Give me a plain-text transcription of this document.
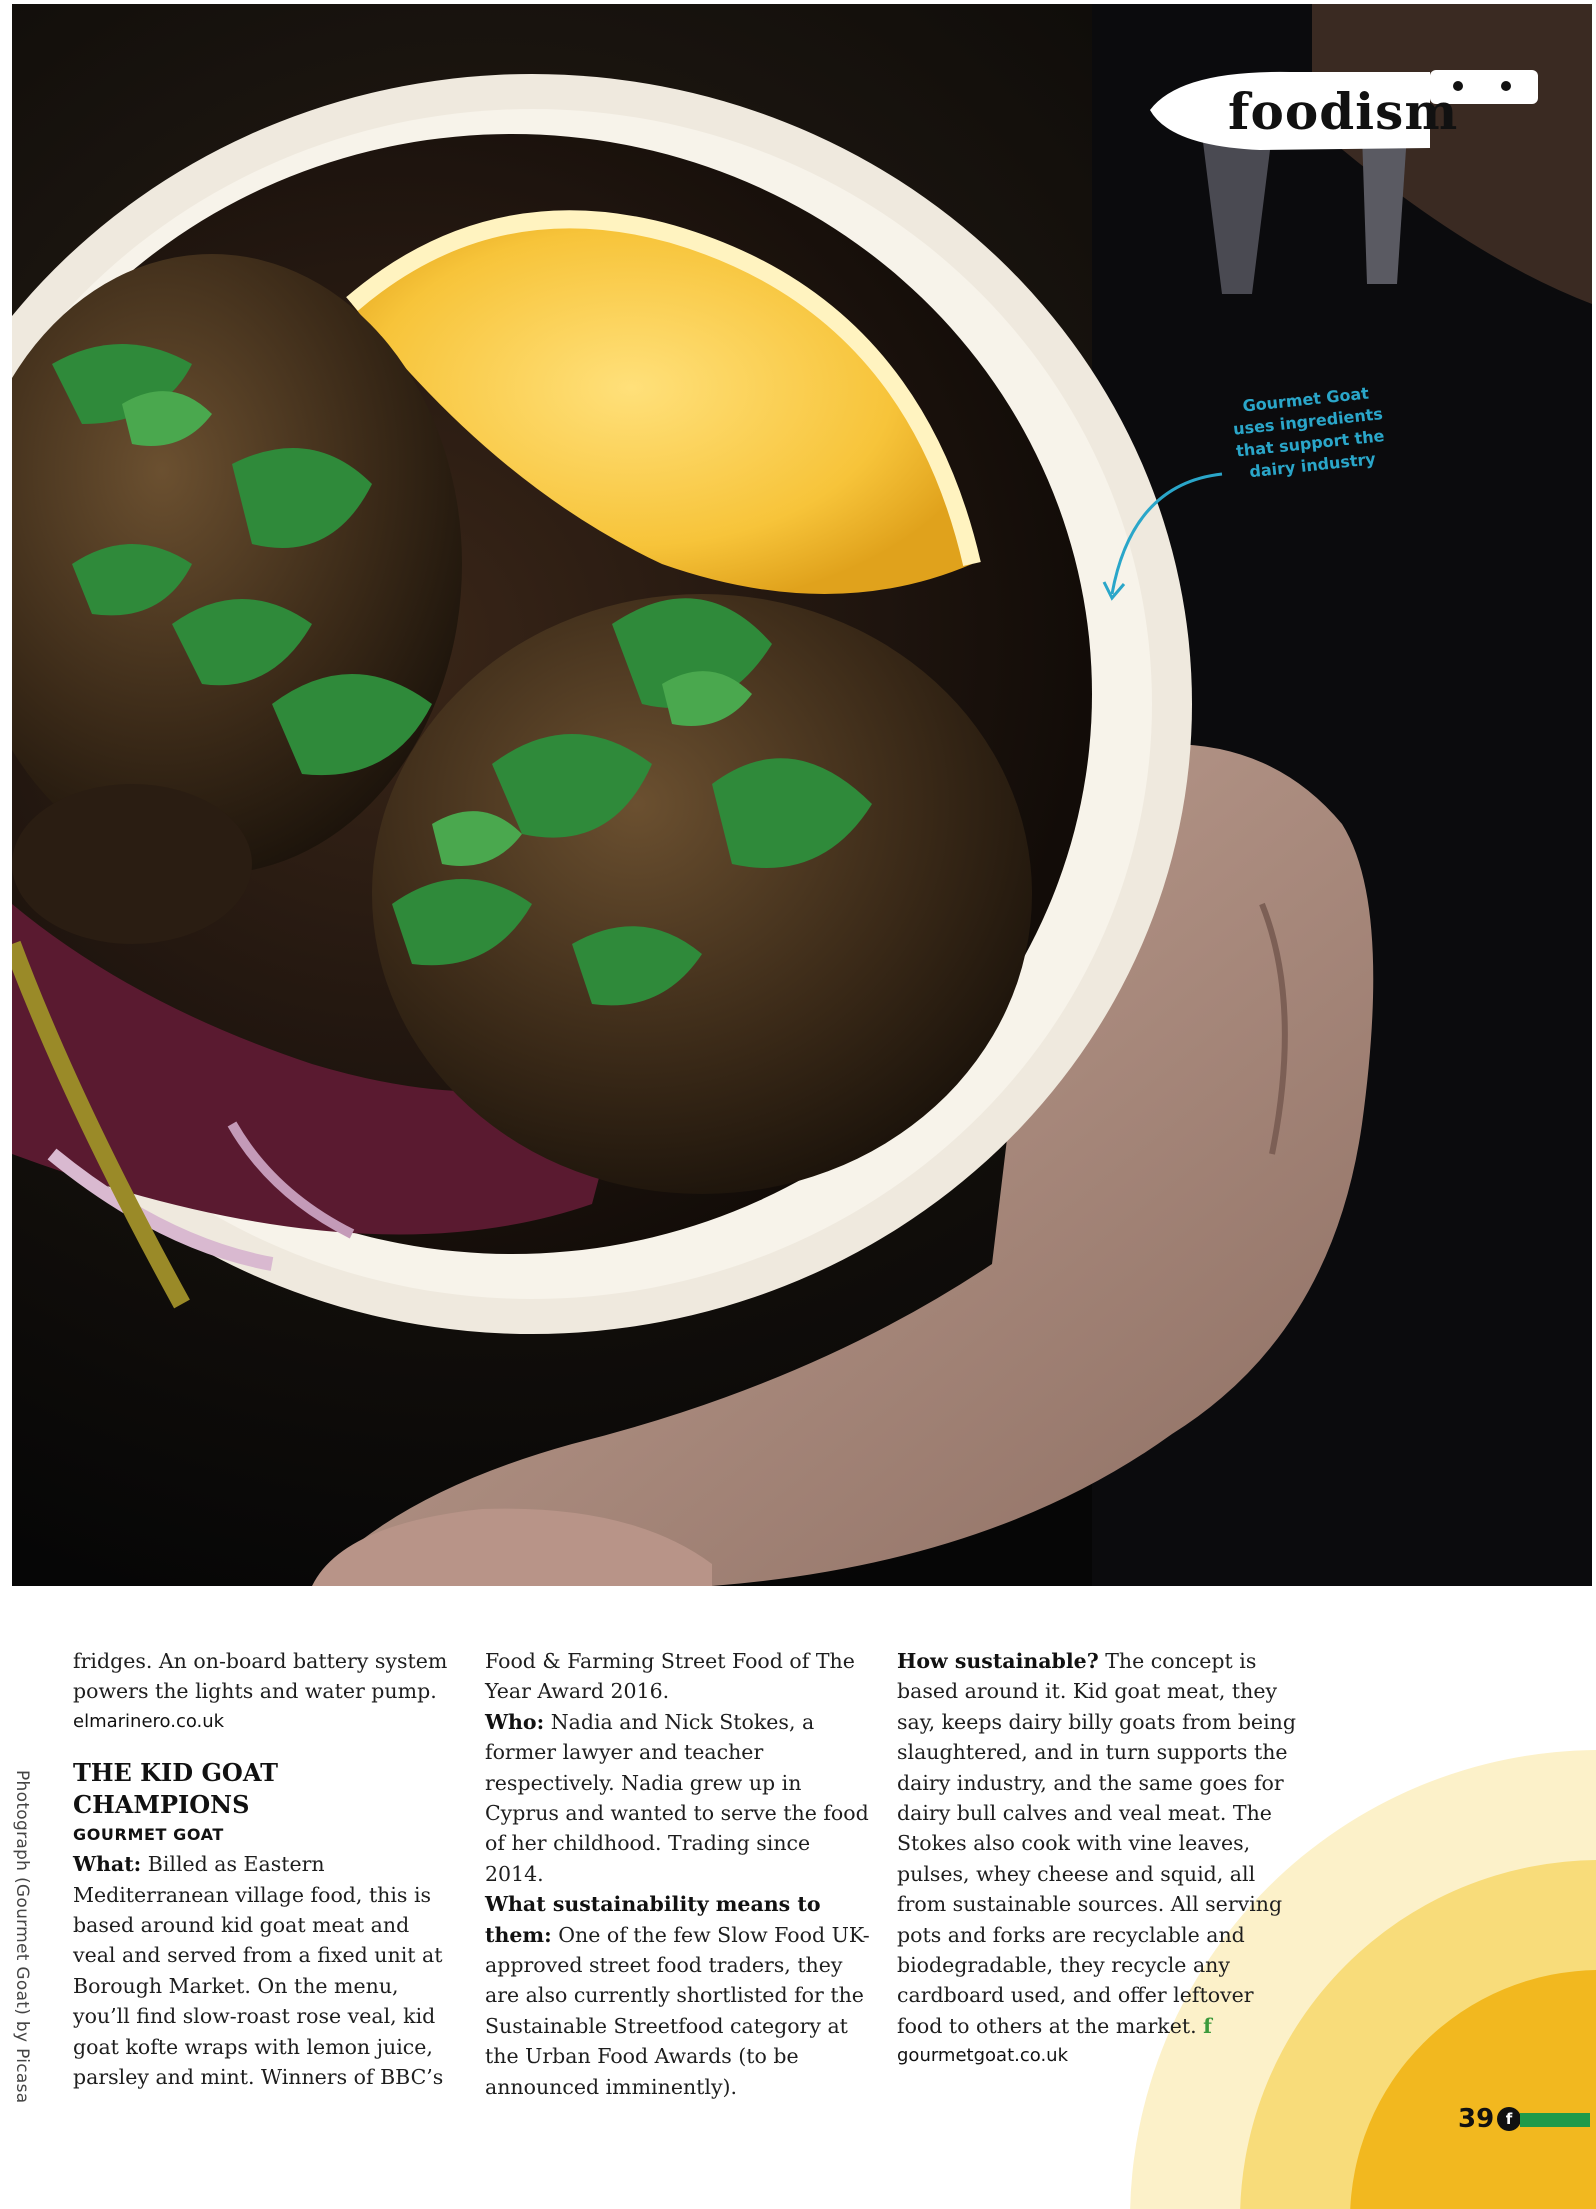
foodism
Gourmet Goat uses ingredients that support the dairy industry
Photograph (Gourmet Goat) by Picasa

fridges. An on-board battery system powers the lights and water pump.

elmarinero.co.uk

THE KID GOAT CHAMPIONS

GOURMET GOAT

What: Billed as Eastern Mediterranean village food, this is based around kid goat meat and veal and served from a fixed unit at Borough Market. On the menu, you’ll find slow-roast rose veal, kid goat kofte wraps with lemon juice, parsley and mint. Winners of BBC’s

Food & Farming Street Food of The Year Award 2016.

Who: Nadia and Nick Stokes, a former lawyer and teacher respectively. Nadia grew up in Cyprus and wanted to serve the food of her childhood. Trading since 2014.

What sustainability means to them: One of the few Slow Food UK-approved street food traders, they are also currently shortlisted for the Sustainable Streetfood category at the Urban Food Awards (to be announced imminently).

How sustainable? The concept is based around it. Kid goat meat, they say, keeps dairy billy goats from being slaughtered, and in turn supports the dairy industry, and the same goes for dairy bull calves and veal meat. The Stokes also cook with vine leaves, pulses, whey cheese and squid, all from sustainable sources. All serving pots and forks are recyclable and biodegradable, they recycle any cardboard used, and offer leftover food to others at the market. f

gourmetgoat.co.uk

39 f
